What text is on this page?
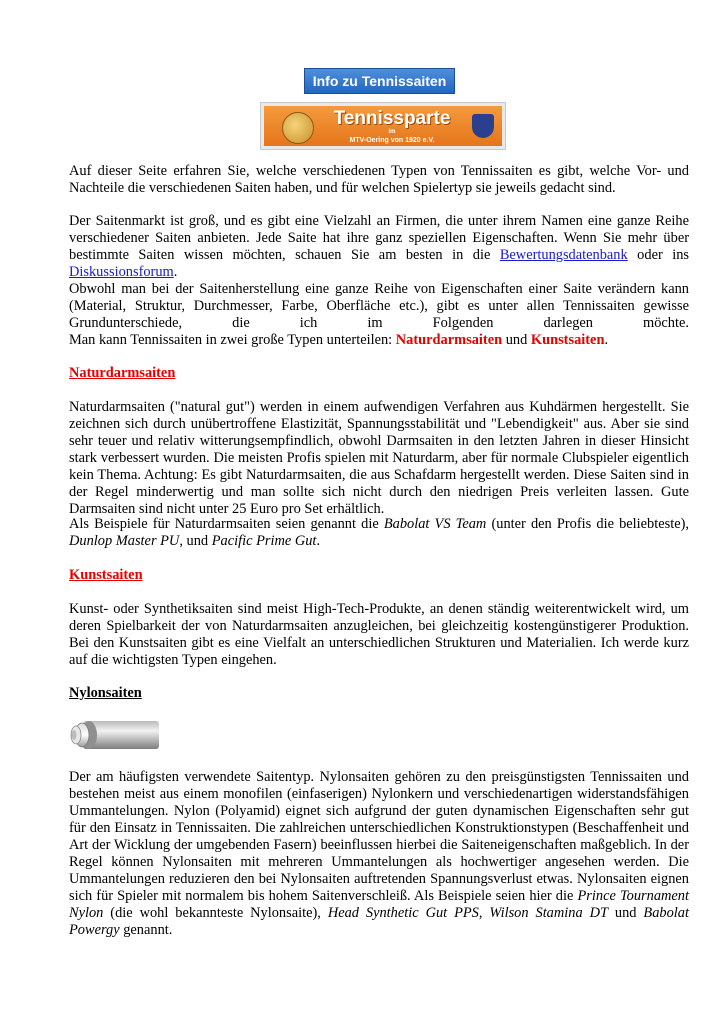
Info zu Tennissaiten
Tennissparte
im
MTV-Oering von 1920 e.V.

Auf dieser Seite erfahren Sie, welche verschiedenen Typen von Tennissaiten es gibt, welche Vor- und Nachteile die verschiedenen Saiten haben, und für welchen Spielertyp sie jeweils gedacht sind.

Der Saitenmarkt ist groß, und es gibt eine Vielzahl an Firmen, die unter ihrem Namen eine ganze Reihe verschiedener Saiten anbieten. Jede Saite hat ihre ganz speziellen Eigenschaften. Wenn Sie mehr über bestimmte Saiten wissen möchten, schauen Sie am besten in die Bewertungsdatenbank oder ins Diskussionsforum.

Obwohl man bei der Saitenherstellung eine ganze Reihe von Eigenschaften einer Saite verändern kann (Material, Struktur, Durchmesser, Farbe, Oberfläche etc.), gibt es unter allen Tennissaiten gewisse Grundunterschiede, die ich im Folgenden darlegen möchte.

Man kann Tennissaiten in zwei große Typen unterteilen: Naturdarmsaiten und Kunstsaiten.

Naturdarmsaiten

Naturdarmsaiten ("natural gut") werden in einem aufwendigen Verfahren aus Kuhdärmen hergestellt. Sie zeichnen sich durch unübertroffene Elastizität, Spannungsstabilität und "Lebendigkeit" aus. Aber sie sind sehr teuer und relativ witterungsempfindlich, obwohl Darmsaiten in den letzten Jahren in dieser Hinsicht stark verbessert wurden. Die meisten Profis spielen mit Naturdarm, aber für normale Clubspieler eigentlich kein Thema. Achtung: Es gibt Naturdarmsaiten, die aus Schafdarm hergestellt werden. Diese Saiten sind in der Regel minderwertig und man sollte sich nicht durch den niedrigen Preis verleiten lassen. Gute Darmsaiten sind nicht unter 25 Euro pro Set erhältlich.

Als Beispiele für Naturdarmsaiten seien genannt die Babolat VS Team (unter den Profis die beliebteste), Dunlop Master PU, und Pacific Prime Gut.

Kunstsaiten

Kunst- oder Synthetiksaiten sind meist High-Tech-Produkte, an denen ständig weiterentwickelt wird, um deren Spielbarkeit der von Naturdarmsaiten anzugleichen, bei gleichzeitig kostengünstigerer Produktion. Bei den Kunstsaiten gibt es eine Vielfalt an unterschiedlichen Strukturen und Materialien. Ich werde kurz auf die wichtigsten Typen eingehen.

Nylonsaiten

Der am häufigsten verwendete Saitentyp. Nylonsaiten gehören zu den preisgünstigsten Tennissaiten und bestehen meist aus einem monofilen (einfaserigen) Nylonkern und verschiedenartigen widerstandsfähigen Ummantelungen. Nylon (Polyamid) eignet sich aufgrund der guten dynamischen Eigenschaften sehr gut für den Einsatz in Tennissaiten. Die zahlreichen unterschiedlichen Konstruktionstypen (Beschaffenheit und Art der Wicklung der umgebenden Fasern) beeinflussen hierbei die Saiteneigenschaften maßgeblich. In der Regel können Nylonsaiten mit mehreren Ummantelungen als hochwertiger angesehen werden. Die Ummantelungen reduzieren den bei Nylonsaiten auftretenden Spannungsverlust etwas. Nylonsaiten eignen sich für Spieler mit normalem bis hohem Saitenverschleiß. Als Beispiele seien hier die Prince Tournament Nylon (die wohl bekannteste Nylonsaite), Head Synthetic Gut PPS, Wilson Stamina DT und Babolat Powergy genannt.
